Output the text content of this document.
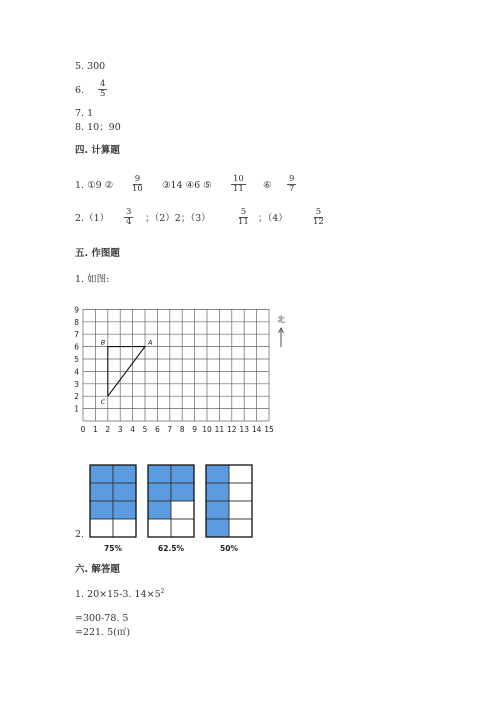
5. 300
6. $\frac{4}{5}$
7. 1
8. 10；90
四. 计算题
1. ①9 ② $\frac{9}{10}$ ③14 ④6 ⑤ $\frac{10}{11}$ ⑥ $\frac{9}{7}$
$2.(1) \frac{3}{4}$ ；（2）2；（3）	$\frac{5}{11}$ ；（4）	$\frac{5}{12}$
五. 作图题
1. 如图:
0 1 2 3 4 5 6 7 8 9 10 11 12 13 14 15
1
2
3
4
5
6
7
8
9
B	A
C
北
2.
75%	62.5%	50%
六. 解答题
1. 20×15-3. $14\times 5^2$
=300-78. 5
=221. 5(㎡)
